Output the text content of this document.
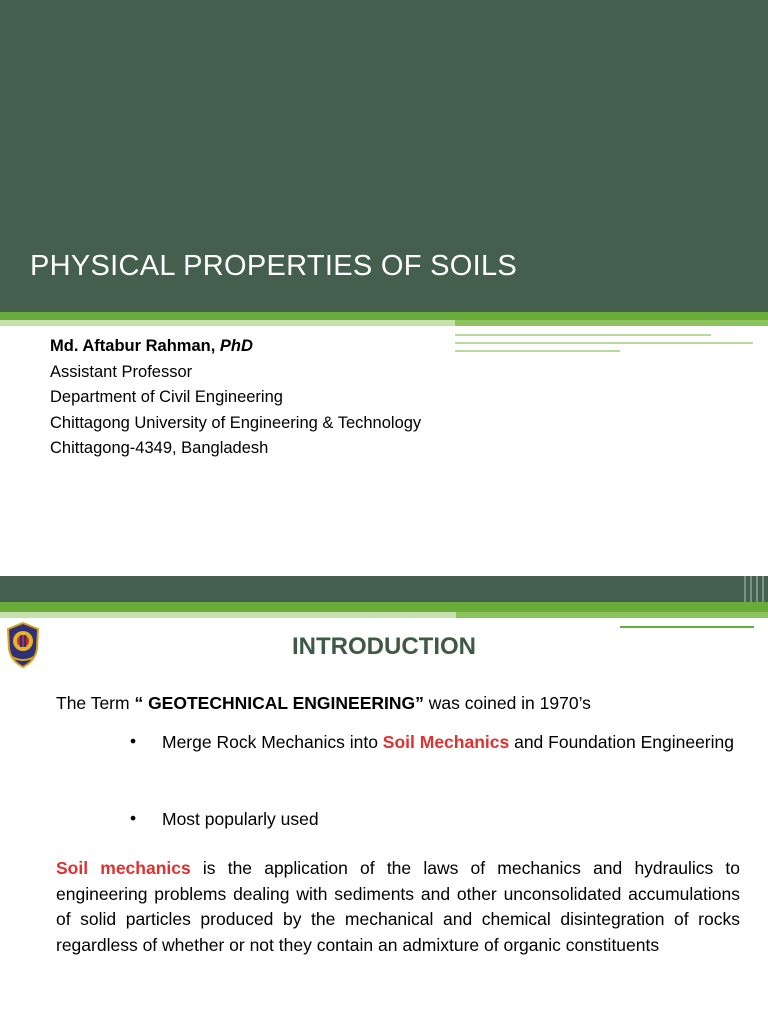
PHYSICAL PROPERTIES OF SOILS
Md. Aftabur Rahman, PhD
Assistant Professor
Department of Civil Engineering
Chittagong University of Engineering & Technology
Chittagong-4349, Bangladesh
INTRODUCTION
The Term “ GEOTECHNICAL ENGINEERING” was coined in 1970’s
• Merge Rock Mechanics into Soil Mechanics and Foundation Engineering
• Most popularly used
Soil mechanics is the application of the laws of mechanics and hydraulics to engineering problems dealing with sediments and other unconsolidated accumulations of solid particles produced by the mechanical and chemical disintegration of rocks regardless of whether or not they contain an admixture of organic constituents
